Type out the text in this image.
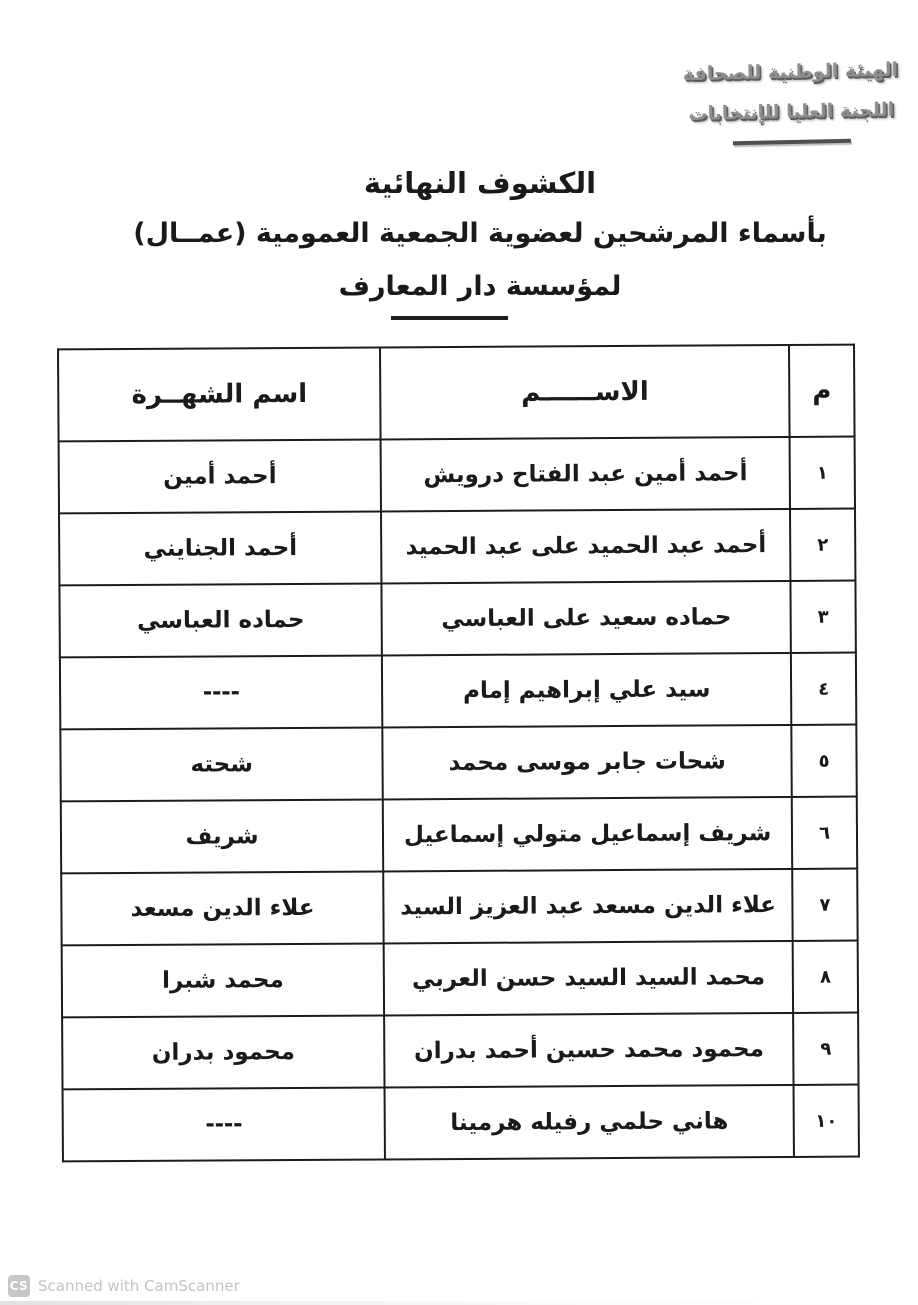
الهيئة الوطنية للصحافة
اللجنة العليا للإنتخابات
الكشوف النهائية
بأسماء المرشحين لعضوية الجمعية العمومية (عمــال)
لمؤسسة دار المعارف
م	الاســــــم	اسم الشهــرة
١	أحمد أمين عبد الفتاح درويش	أحمد أمين
٢	أحمد عبد الحميد على عبد الحميد	أحمد الجنايني
٣	حماده سعيد على العباسي	حماده العباسي
٤	سيد علي إبراهيم إمام	----
٥	شحات جابر موسى محمد	شحته
٦	شريف إسماعيل متولي إسماعيل	شريف
٧	علاء الدين مسعد عبد العزيز السيد	علاء الدين مسعد
٨	محمد السيد السيد حسن العربي	محمد شبرا
٩	محمود محمد حسين أحمد بدران	محمود بدران
١٠	هاني حلمي رفيله هرمينا	----
CS Scanned with CamScanner
